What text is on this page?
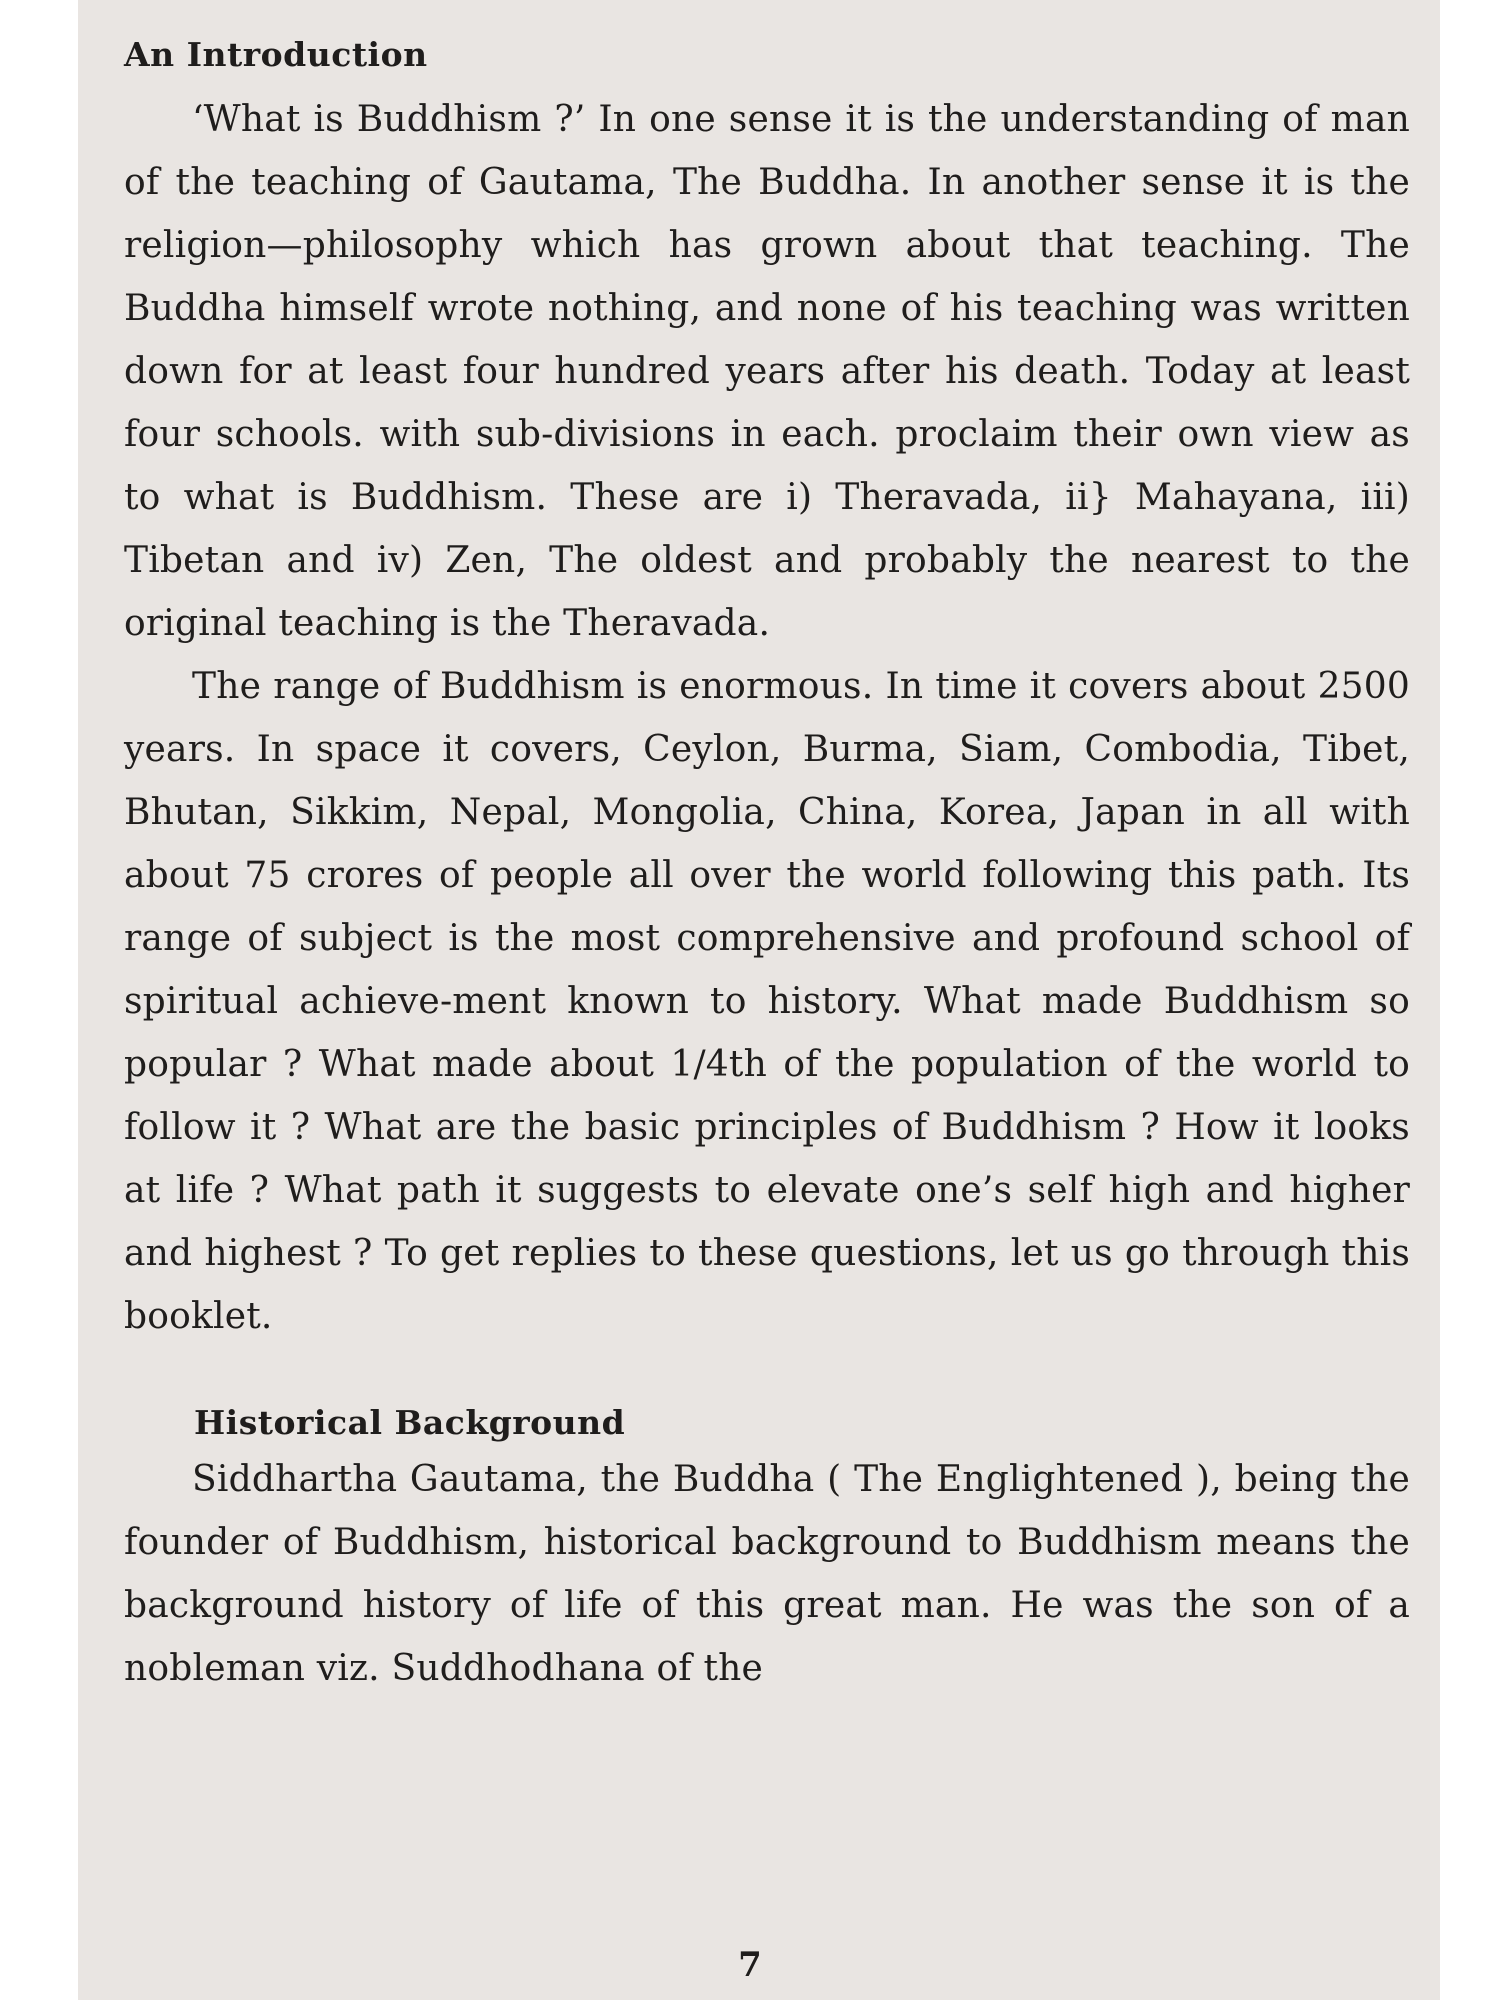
An Introduction

‘What is Buddhism ?’ In one sense it is the understanding of man of the teaching of Gautama, The Buddha. In another sense it is the religion—philosophy which has grown about that teaching. The Buddha himself wrote nothing, and none of his teaching was written down for at least four hundred years after his death. Today at least four schools. with sub-divisions in each. proclaim their own view as to what is Buddhism. These are i) Theravada, ii} Mahayana, iii) Tibetan and iv) Zen, The oldest and probably the nearest to the original teaching is the Theravada.

The range of Buddhism is enormous. In time it covers about 2500 years. In space it covers, Ceylon, Burma, Siam, Combodia, Tibet, Bhutan, Sikkim, Nepal, Mongolia, China, Korea, Japan in all with about 75 crores of people all over the world following this path. Its range of subject is the most comprehensive and profound school of spiritual achieve-ment known to history. What made Buddhism so popular ? What made about 1/4th of the population of the world to follow it ? What are the basic principles of Buddhism ? How it looks at life ? What path it suggests to elevate one’s self high and higher and highest ? To get replies to these questions, let us go through this booklet.

Historical Background

Siddhartha Gautama, the Buddha ( The Englightened ), being the founder of Buddhism, historical background to Buddhism means the background history of life of this great man. He was the son of a nobleman viz. Suddhodhana of the

7
